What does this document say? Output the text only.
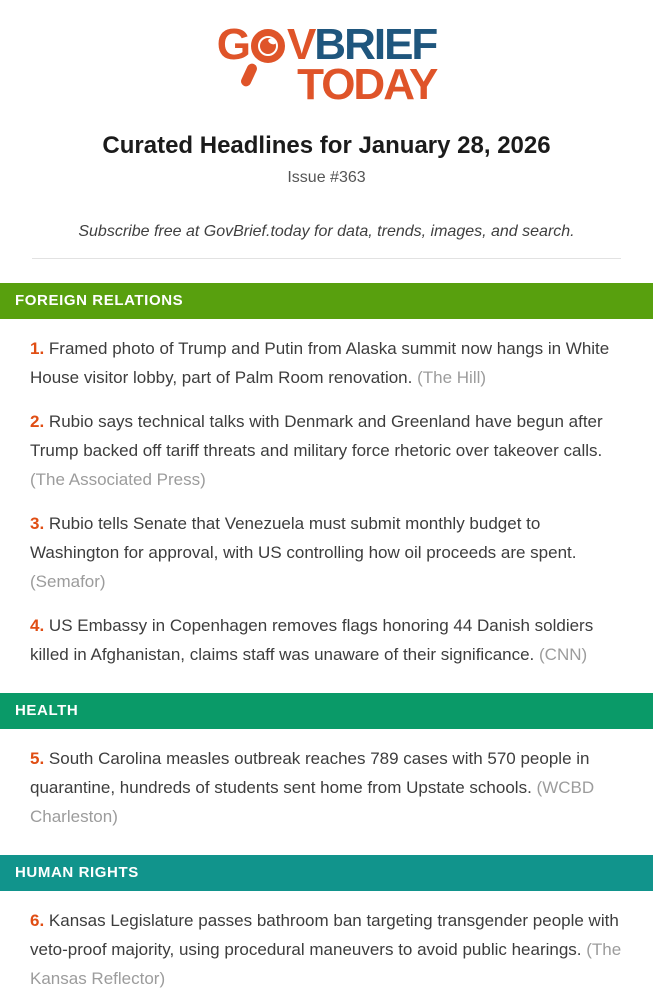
G VBRIEF
TODAY
Curated Headlines for January 28, 2026
Issue #363
Subscribe free at GovBrief.today for data, trends, images, and search.
FOREIGN RELATIONS

1. Framed photo of Trump and Putin from Alaska summit now hangs in White House visitor lobby, part of Palm Room renovation. (The Hill)

2. Rubio says technical talks with Denmark and Greenland have begun after Trump backed off tariff threats and military force rhetoric over takeover calls. (The Associated Press)

3. Rubio tells Senate that Venezuela must submit monthly budget to Washington for approval, with US controlling how oil proceeds are spent. (Semafor)

4. US Embassy in Copenhagen removes flags honoring 44 Danish soldiers killed in Afghanistan, claims staff was unaware of their significance. (CNN)

HEALTH

5. South Carolina measles outbreak reaches 789 cases with 570 people in quarantine, hundreds of students sent home from Upstate schools. (WCBD Charleston)

HUMAN RIGHTS

6. Kansas Legislature passes bathroom ban targeting transgender people with veto-proof majority, using procedural maneuvers to avoid public hearings. (The Kansas Reflector)
